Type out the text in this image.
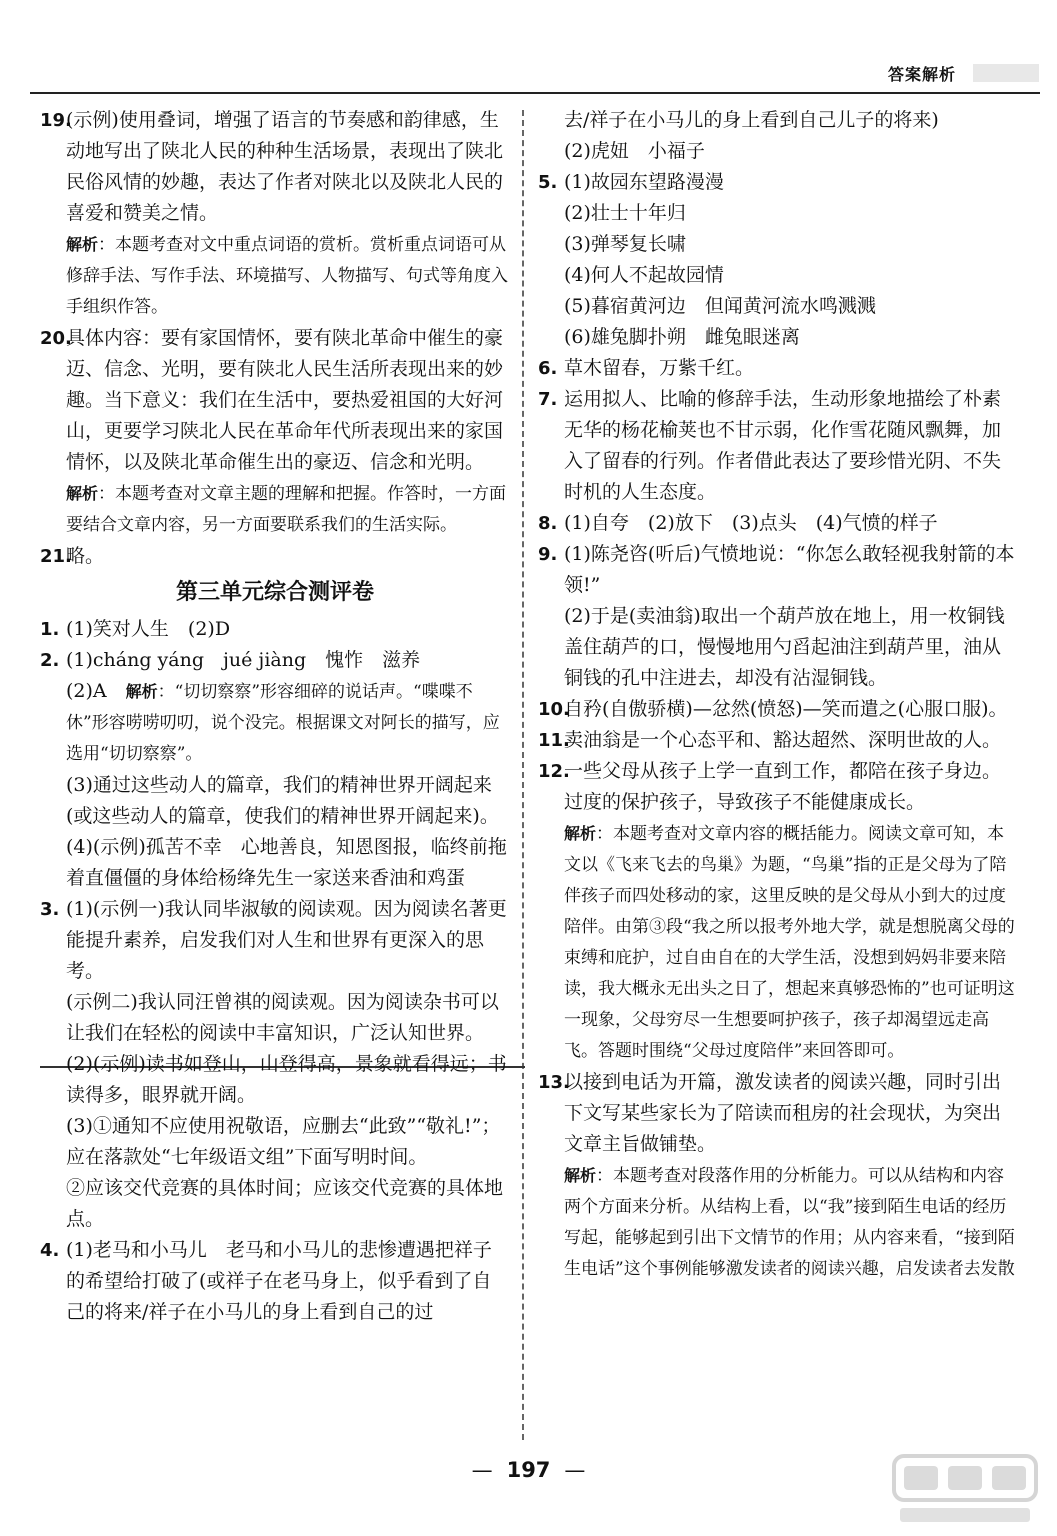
答案解析
19.

(示例)使用叠词，增强了语言的节奏感和韵律感，生动地写出了陕北人民的种种生活场景，表现出了陕北民俗风情的妙趣，表达了作者对陕北以及陕北人民的喜爱和赞美之情。

解析：本题考查对文中重点词语的赏析。赏析重点词语可从修辞手法、写作手法、环境描写、人物描写、句式等角度入手组织作答。

20.

具体内容：要有家国情怀，要有陕北革命中催生的豪迈、信念、光明，要有陕北人民生活所表现出来的妙趣。当下意义：我们在生活中，要热爱祖国的大好河山，更要学习陕北人民在革命年代所表现出来的家国情怀，以及陕北革命催生出的豪迈、信念和光明。

解析：本题考查对文章主题的理解和把握。作答时，一方面要结合文章内容，另一方面要联系我们的生活实际。

21.

略。

第三单元综合测评卷
1. (1)笑对人生　(2)D

2. (1)cháng yáng　jué jiàng　愧怍　滋养

(2)A　解析：“切切察察”形容细碎的说话声。“喋喋不休”形容唠唠叨叨，说个没完。根据课文对阿长的描写，应选用“切切察察”。

(3)通过这些动人的篇章，我们的精神世界开阔起来(或这些动人的篇章，使我们的精神世界开阔起来)。

(4)(示例)孤苦不幸　心地善良，知恩图报，临终前拖着直僵僵的身体给杨绛先生一家送来香油和鸡蛋

3. (1)(示例一)我认同毕淑敏的阅读观。因为阅读名著更能提升素养，启发我们对人生和世界有更深入的思考。

(示例二)我认同汪曾祺的阅读观。因为阅读杂书可以让我们在轻松的阅读中丰富知识，广泛认知世界。

(2)(示例)读书如登山，山登得高，景象就看得远；书读得多，眼界就开阔。

(3)①通知不应使用祝敬语，应删去“此致”“敬礼!”；应在落款处“七年级语文组”下面写明时间。

②应该交代竞赛的具体时间；应该交代竞赛的具体地点。

4. (1)老马和小马儿　老马和小马儿的悲惨遭遇把祥子的希望给打破了(或祥子在老马身上，似乎看到了自己的将来/祥子在小马儿的身上看到自己的过

去/祥子在小马儿的身上看到自己儿子的将来)

(2)虎妞　小福子

5. (1)故园东望路漫漫

(2)壮士十年归

(3)弹琴复长啸

(4)何人不起故园情

(5)暮宿黄河边　但闻黄河流水鸣溅溅

(6)雄兔脚扑朔　雌兔眼迷离

6. 草木留春，万紫千红。

7. 运用拟人、比喻的修辞手法，生动形象地描绘了朴素无华的杨花榆荚也不甘示弱，化作雪花随风飘舞，加入了留春的行列。作者借此表达了要珍惜光阴、不失时机的人生态度。

8. (1)自夸　(2)放下　(3)点头　(4)气愤的样子

9. (1)陈尧咨(听后)气愤地说：“你怎么敢轻视我射箭的本领!”

(2)于是(卖油翁)取出一个葫芦放在地上，用一枚铜钱盖住葫芦的口，慢慢地用勺舀起油注到葫芦里，油从铜钱的孔中注进去，却没有沾湿铜钱。

10.

自矜(自傲骄横)—忿然(愤怒)—笑而遣之(心服口服)。

11.

卖油翁是一个心态平和、豁达超然、深明世故的人。

12.

一些父母从孩子上学一直到工作，都陪在孩子身边。过度的保护孩子，导致孩子不能健康成长。

解析：本题考查对文章内容的概括能力。阅读文章可知，本文以《飞来飞去的鸟巢》为题，“鸟巢”指的正是父母为了陪伴孩子而四处移动的家，这里反映的是父母从小到大的过度陪伴。由第③段“我之所以报考外地大学，就是想脱离父母的束缚和庇护，过自由自在的大学生活，没想到妈妈非要来陪读，我大概永无出头之日了，想起来真够恐怖的”也可证明这一现象，父母穷尽一生想要呵护孩子，孩子却渴望远走高飞。答题时围绕“父母过度陪伴”来回答即可。

13.

以接到电话为开篇，激发读者的阅读兴趣，同时引出下文写某些家长为了陪读而租房的社会现状，为突出文章主旨做铺垫。

解析：本题考查对段落作用的分析能力。可以从结构和内容两个方面来分析。从结构上看，以“我”接到陌生电话的经历写起，能够起到引出下文情节的作用；从内容来看，“接到陌生电话”这个事例能够激发读者的阅读兴趣，启发读者去发散

— 197 —
